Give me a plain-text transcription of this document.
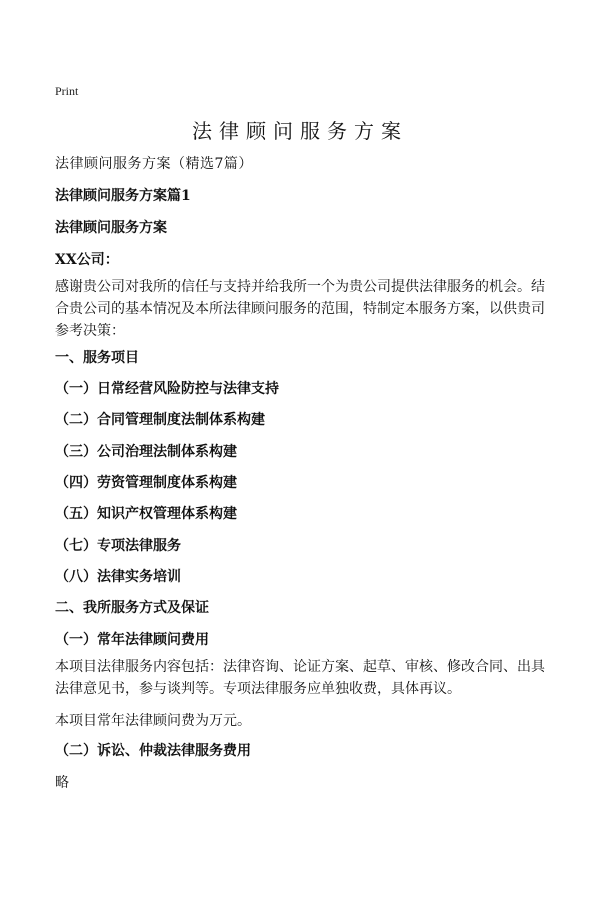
Print
法律顾问服务方案
法律顾问服务方案（精选7篇）
法律顾问服务方案篇1
法律顾问服务方案
XX公司：
感谢贵公司对我所的信任与支持并给我所一个为贵公司提供法律服务的机会。结合贵公司的基本情况及本所法律顾问服务的范围，特制定本服务方案，以供贵司参考决策：
一、服务项目
（一）日常经营风险防控与法律支持
（二）合同管理制度法制体系构建
（三）公司治理法制体系构建
（四）劳资管理制度体系构建
（五）知识产权管理体系构建
（七）专项法律服务
（八）法律实务培训
二、我所服务方式及保证
（一）常年法律顾问费用
本项目法律服务内容包括：法律咨询、论证方案、起草、审核、修改合同、出具法律意见书，参与谈判等。专项法律服务应单独收费，具体再议。
本项目常年法律顾问费为万元。
（二）诉讼、仲裁法律服务费用
略
